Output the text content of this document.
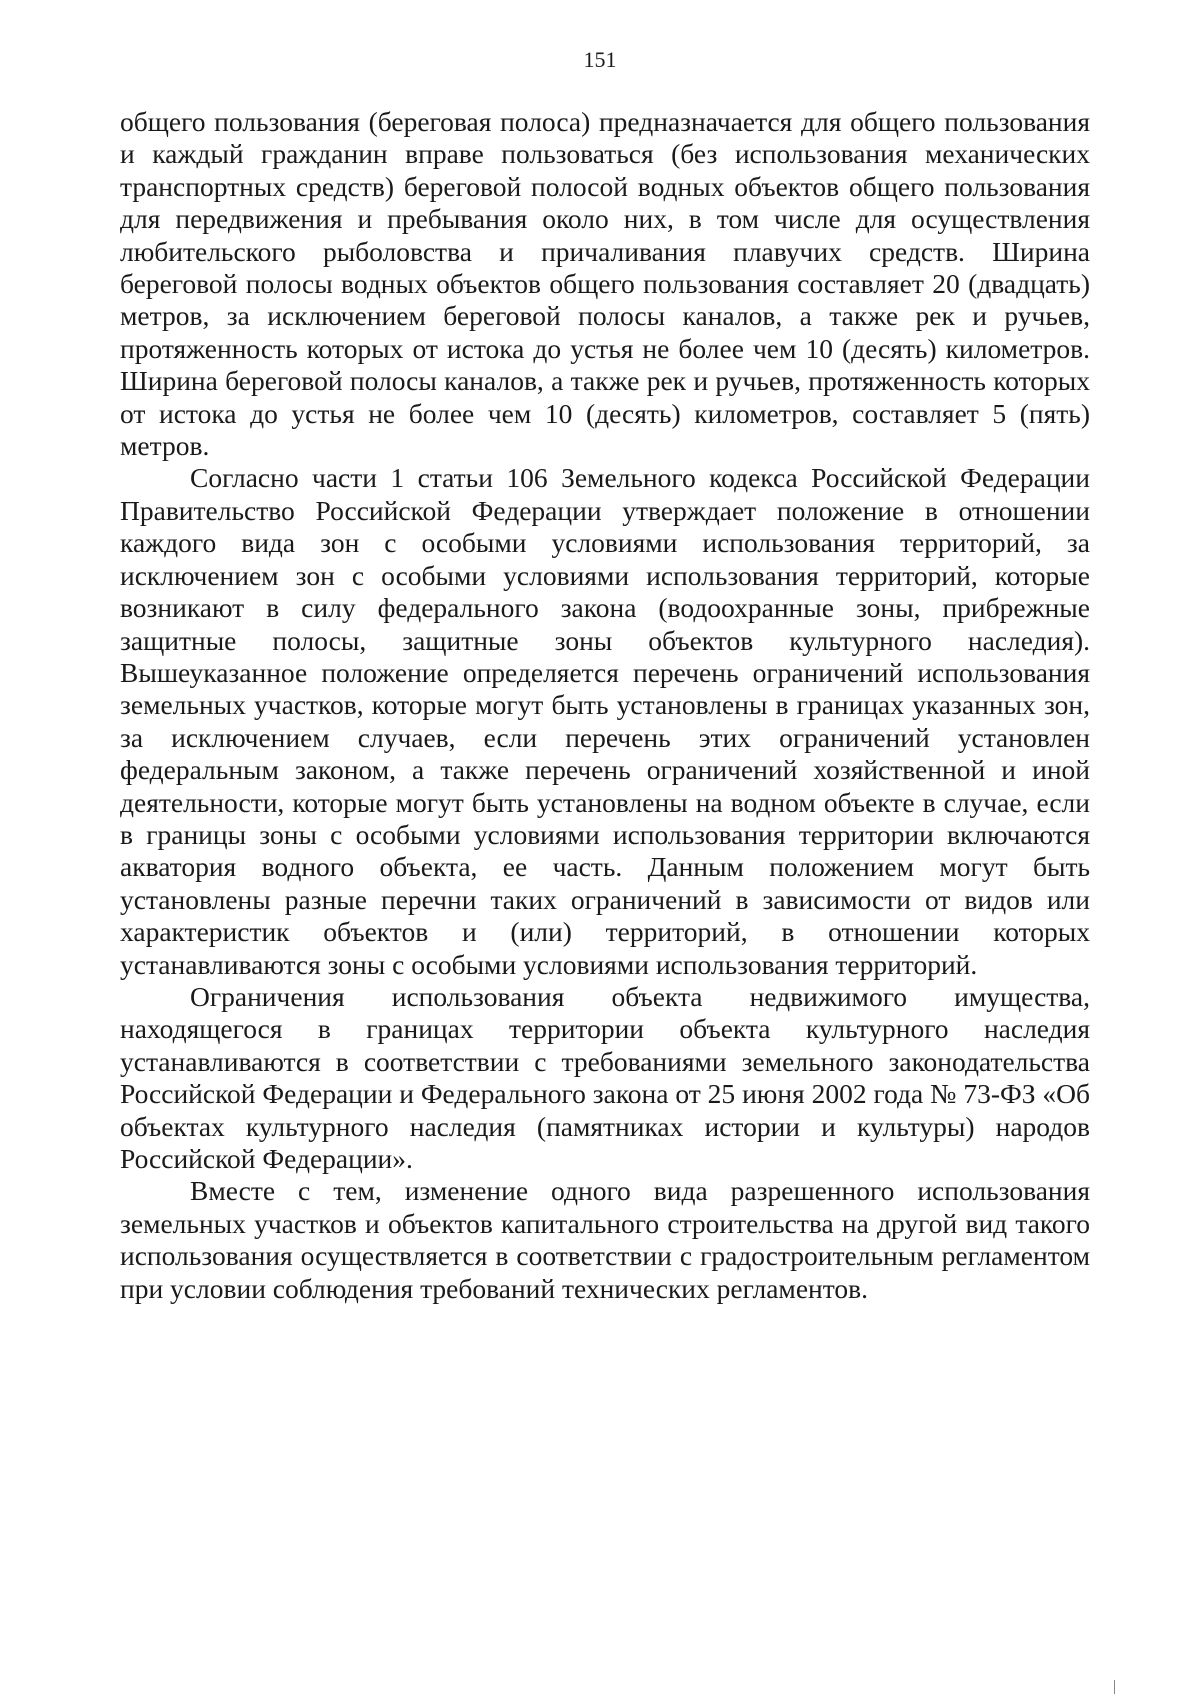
151

общего пользования (береговая полоса) предназначается для общего пользования и каждый гражданин вправе пользоваться (без использования механических транспортных средств) береговой полосой водных объектов общего пользования для передвижения и пребывания около них, в том числе для осуществления любительского рыболовства и причаливания плавучих средств. Ширина береговой полосы водных объектов общего пользования составляет 20 (двадцать) метров, за исключением береговой полосы каналов, а также рек и ручьев, протяженность которых от истока до устья не более чем 10 (десять) километров. Ширина береговой полосы каналов, а также рек и ручьев, протяженность которых от истока до устья не более чем 10 (десять) километров, составляет 5 (пять) метров.

Согласно части 1 статьи 106 Земельного кодекса Российской Федерации Правительство Российской Федерации утверждает положение в отношении каждого вида зон с особыми условиями использования территорий, за исключением зон с особыми условиями использования территорий, которые возникают в силу федерального закона (водоохранные зоны, прибрежные защитные полосы, защитные зоны объектов культурного наследия). Вышеуказанное положение определяется перечень ограничений использования земельных участков, которые могут быть установлены в границах указанных зон, за исключением случаев, если перечень этих ограничений установлен федеральным законом, а также перечень ограничений хозяйственной и иной деятельности, которые могут быть установлены на водном объекте в случае, если в границы зоны с особыми условиями использования территории включаются акватория водного объекта, ее часть. Данным положением могут быть установлены разные перечни таких ограничений в зависимости от видов или характеристик объектов и (или) территорий, в отношении которых устанавливаются зоны с особыми условиями использования территорий.

Ограничения использования объекта недвижимого имущества, находящегося в границах территории объекта культурного наследия устанавливаются в соответствии с требованиями земельного законодательства Российской Федерации и Федерального закона от 25 июня 2002 года № 73-ФЗ «Об объектах культурного наследия (памятниках истории и культуры) народов Российской Федерации».

Вместе с тем, изменение одного вида разрешенного использования земельных участков и объектов капитального строительства на другой вид такого использования осуществляется в соответствии с градостроительным регламентом при условии соблюдения требований технических регламентов.
